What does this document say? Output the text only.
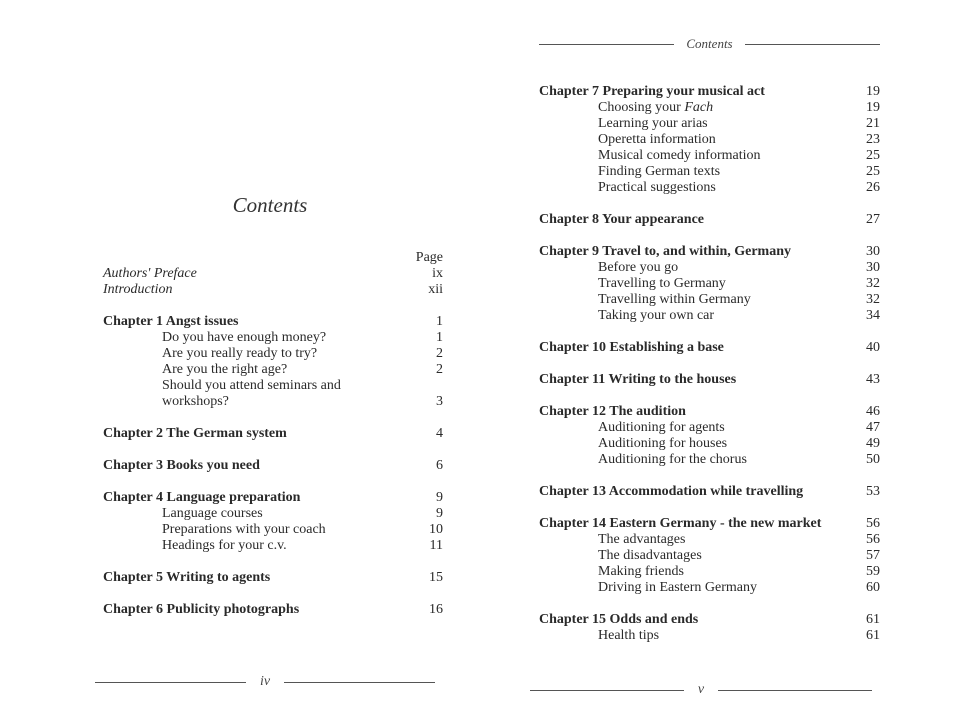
Contents
Page
Authors' Preface	ix
Introduction	xii
Chapter 1 Angst issues	1
Do you have enough money?	1
Are you really ready to try?	2
Are you the right age?	2
Should you attend seminars and workshops?	3
Chapter 2 The German system	4
Chapter 3 Books you need	6
Chapter 4 Language preparation	9
Language courses	9
Preparations with your coach	10
Headings for your c.v.	11
Chapter 5 Writing to agents	15
Chapter 6 Publicity photographs	16
iv
Contents
Chapter 7 Preparing your musical act	19
Choosing your Fach	19
Learning your arias	21
Operetta information	23
Musical comedy information	25
Finding German texts	25
Practical suggestions	26
Chapter 8 Your appearance	27
Chapter 9 Travel to, and within, Germany	30
Before you go	30
Travelling to Germany	32
Travelling within Germany	32
Taking your own car	34
Chapter 10 Establishing a base	40
Chapter 11 Writing to the houses	43
Chapter 12 The audition	46
Auditioning for agents	47
Auditioning for houses	49
Auditioning for the chorus	50
Chapter 13 Accommodation while travelling	53
Chapter 14 Eastern Germany - the new market	56
The advantages	56
The disadvantages	57
Making friends	59
Driving in Eastern Germany	60
Chapter 15 Odds and ends	61
Health tips	61
v
